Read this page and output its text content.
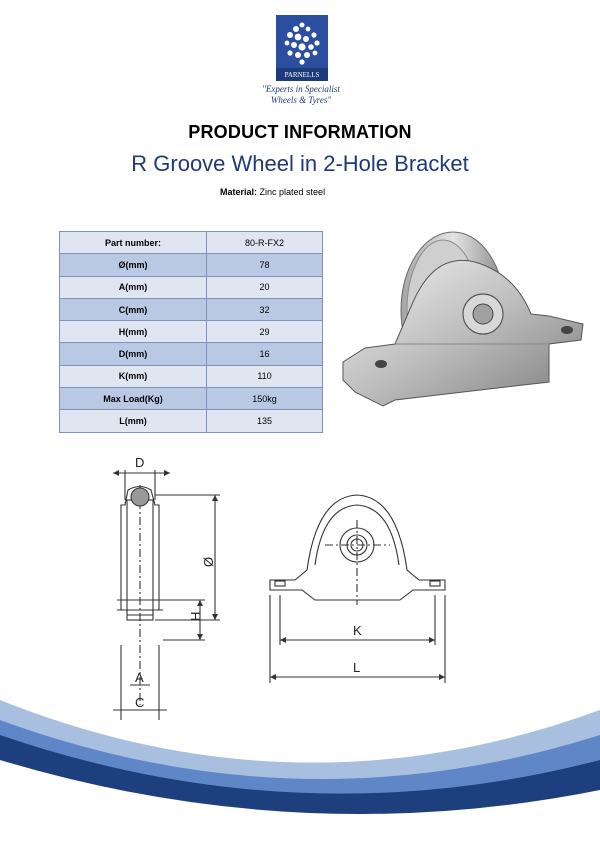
PARNELLS
"Experts in Specialist
Wheels & Tyres"
PRODUCT INFORMATION
R Groove Wheel in 2-Hole Bracket
Material: Zinc plated steel
Part number:	80-R-FX2
Ø(mm)	78
A(mm)	20
C(mm)	32
H(mm)	29
D(mm)	16
K(mm)	110
Max Load(Kg)	150kg
L(mm)	135
D
Ø
H
A
C
K
L
